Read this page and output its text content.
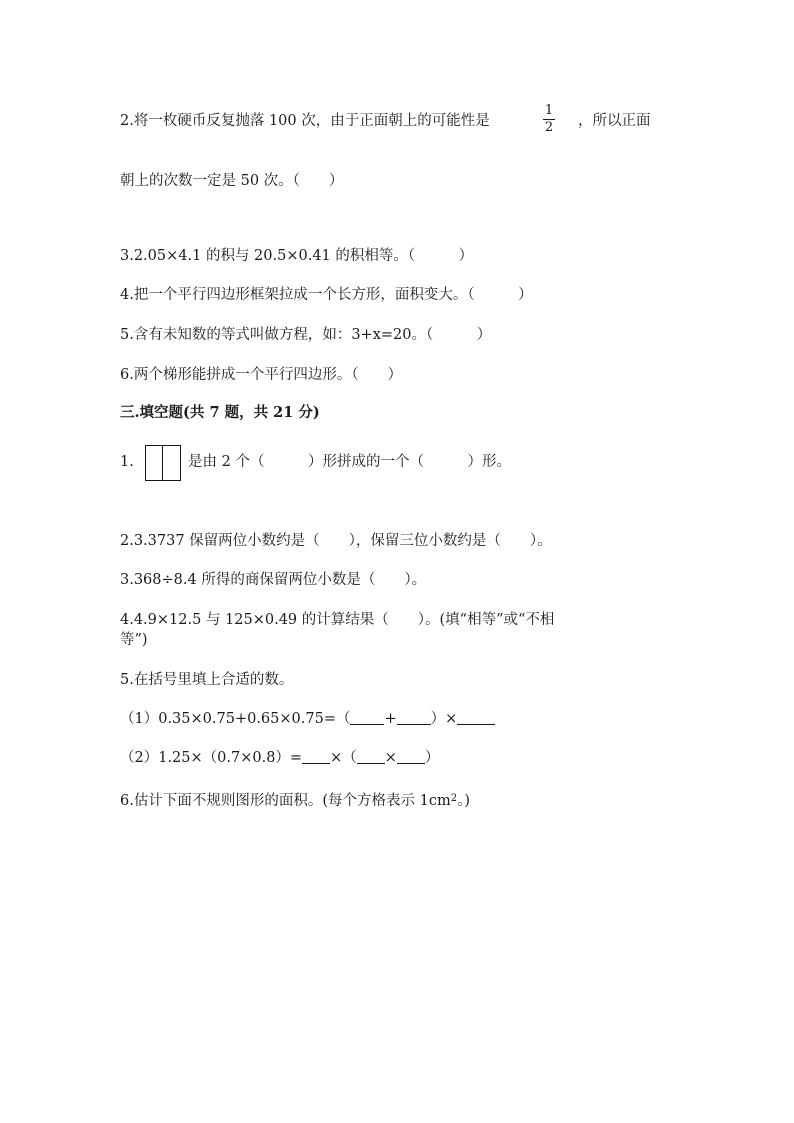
2.将一枚硬币反复抛落 100 次，由于正面朝上的可能性是
1
2	，所以正面
朝上的次数一定是 50 次。（　　）
3.2.05×4.1 的积与 20.5×0.41 的积相等。（　　　）
4.把一个平行四边形框架拉成一个长方形，面积变大。（　　　）
5.含有未知数的等式叫做方程，如：3+x=20。（　　　）
6.两个梯形能拼成一个平行四边形。（　　）
三.填空题(共 7 题，共 21 分)
1.	是由 2 个（　　　）形拼成的一个（　　　）形。
2.3.3737 保留两位小数约是（　　），保留三位小数约是（　　）。
3.368÷8.4 所得的商保留两位小数是（　　）。
4.4.9×12.5 与 125×0.49 的计算结果（　　）。(填“相等”或“不相
等”)
5.在括号里填上合适的数。
（1）0.35×0.75+0.65×0.75=（ + ）×
（2）1.25×（0.7×0.8）= ×（ × ）
6.估计下面不规则图形的面积。(每个方格表示 $1cm^2$。)
